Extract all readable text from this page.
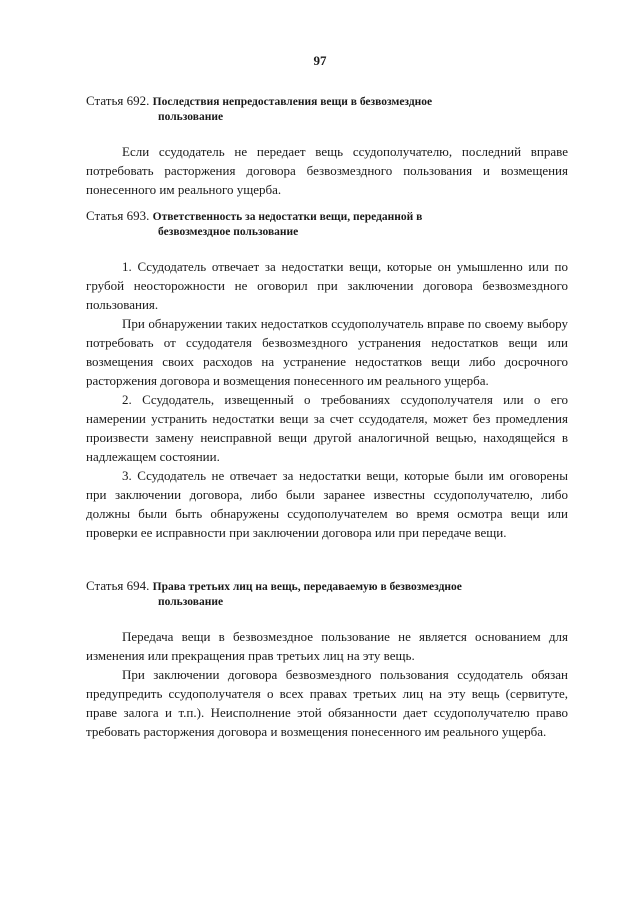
97
Статья 692. Последствия непредоставления вещи в безвозмездное
пользование

Если ссудодатель не передает вещь ссудополучателю, последний вправе потребовать расторжения договора безвозмездного пользования и возмещения понесенного им реального ущерба.

Статья 693. Ответственность за недостатки вещи, переданной в
безвозмездное пользование

1. Ссудодатель отвечает за недостатки вещи, которые он умышленно или по грубой неосторожности не оговорил при заключении договора безвозмездного пользования.

При обнаружении таких недостатков ссудополучатель вправе по своему выбору потребовать от ссудодателя безвозмездного устранения недостатков вещи или возмещения своих расходов на устранение недостатков вещи либо досрочного расторжения договора и возмещения понесенного им реального ущерба.

2. Ссудодатель, извещенный о требованиях ссудополучателя или о его намерении устранить недостатки вещи за счет ссудодателя, может без промедления произвести замену неисправной вещи другой аналогичной вещью, находящейся в надлежащем состоянии.

3. Ссудодатель не отвечает за недостатки вещи, которые были им оговорены при заключении договора, либо были заранее известны ссудополучателю, либо должны были быть обнаружены ссудополучателем во время осмотра вещи или проверки ее исправности при заключении договора или при передаче вещи.

Статья 694. Права третьих лиц на вещь, передаваемую в безвозмездное
пользование

Передача вещи в безвозмездное пользование не является основанием для изменения или прекращения прав третьих лиц на эту вещь.

При заключении договора безвозмездного пользования ссудодатель обязан предупредить ссудополучателя о всех правах третьих лиц на эту вещь (сервитуте, праве залога и т.п.). Неисполнение этой обязанности дает ссудополучателю право требовать расторжения договора и возмещения понесенного им реального ущерба.
